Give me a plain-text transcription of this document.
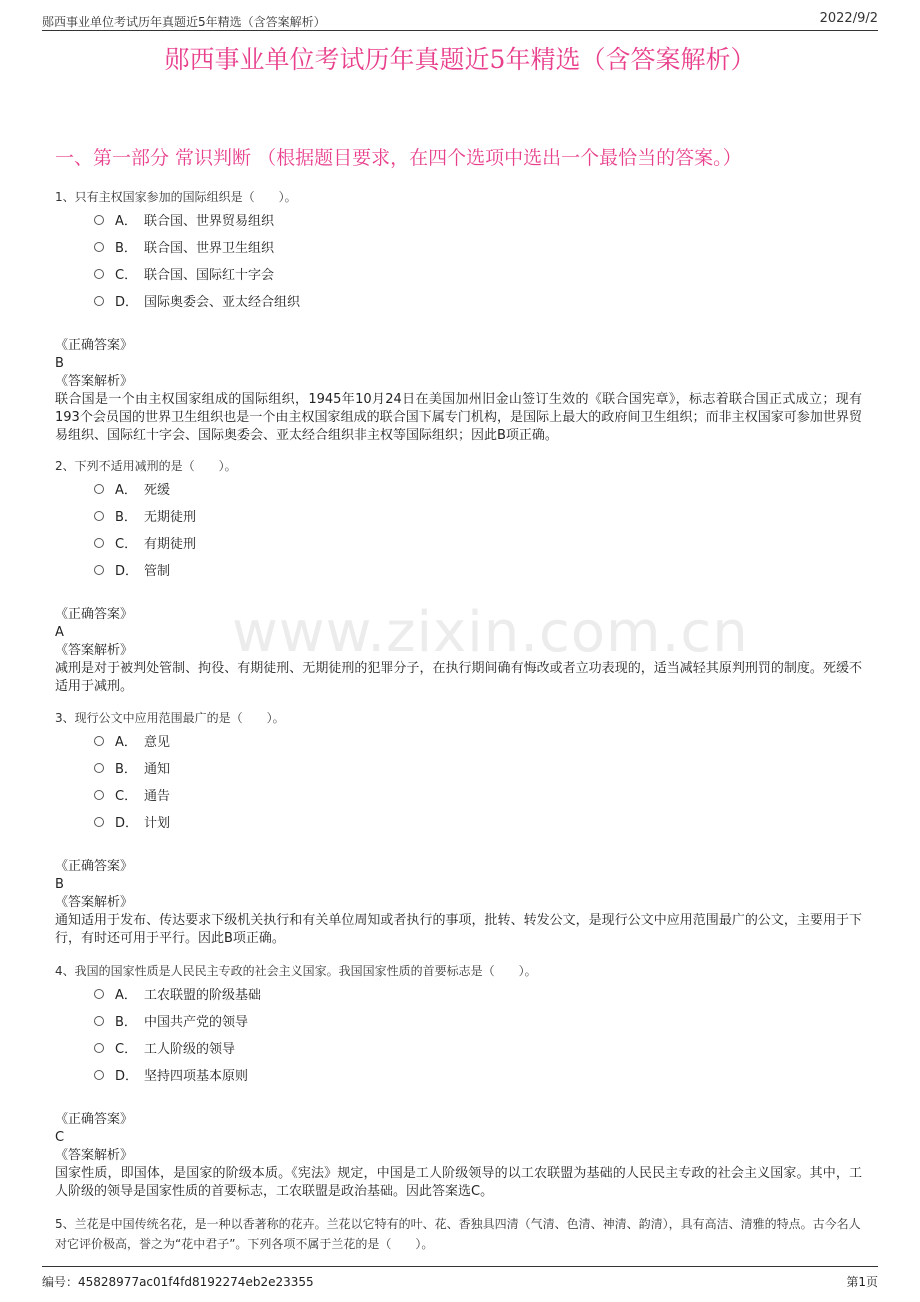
郧西事业单位考试历年真题近5年精选（含答案解析）	2022/9/2
郧西事业单位考试历年真题近5年精选（含答案解析）
一、第一部分 常识判断 （根据题目要求，在四个选项中选出一个最恰当的答案。）
www.zixin.com.cn
1、只有主权国家参加的国际组织是（　　）。
A． 联合国、世界贸易组织
B． 联合国、世界卫生组织
C． 联合国、国际红十字会
D． 国际奥委会、亚太经合组织
《正确答案》
B
《答案解析》
联合国是一个由主权国家组成的国际组织，1945年10月24日在美国加州旧金山签订生效的《联合国宪章》，标志着联合国正式成立；现有193个会员国的世界卫生组织也是一个由主权国家组成的联合国下属专门机构，是国际上最大的政府间卫生组织；而非主权国家可参加世界贸易组织、国际红十字会、国际奥委会、亚太经合组织非主权等国际组织；因此B项正确。
2、下列不适用减刑的是（　　）。
A． 死缓
B． 无期徒刑
C． 有期徒刑
D． 管制
《正确答案》
A
《答案解析》
减刑是对于被判处管制、拘役、有期徒刑、无期徒刑的犯罪分子，在执行期间确有悔改或者立功表现的，适当减轻其原判刑罚的制度。死缓不适用于减刑。
3、现行公文中应用范围最广的是（　　）。
A． 意见
B． 通知
C． 通告
D． 计划
《正确答案》
B
《答案解析》
通知适用于发布、传达要求下级机关执行和有关单位周知或者执行的事项，批转、转发公文，是现行公文中应用范围最广的公文，主要用于下行，有时还可用于平行。因此B项正确。
4、我国的国家性质是人民民主专政的社会主义国家。我国国家性质的首要标志是（　　）。
A． 工农联盟的阶级基础
B． 中国共产党的领导
C． 工人阶级的领导
D． 坚持四项基本原则
《正确答案》
C
《答案解析》
国家性质，即国体，是国家的阶级本质。《宪法》规定，中国是工人阶级领导的以工农联盟为基础的人民民主专政的社会主义国家。其中，工人阶级的领导是国家性质的首要标志，工农联盟是政治基础。因此答案选C。
5、兰花是中国传统名花，是一种以香著称的花卉。兰花以它特有的叶、花、香独具四清（气清、色清、神清、韵清），具有高洁、清雅的特点。古今名人对它评价极高，誉之为“花中君子”。下列各项不属于兰花的是（　　）。
编号：45828977ac01f4fd8192274eb2e23355	第1页
